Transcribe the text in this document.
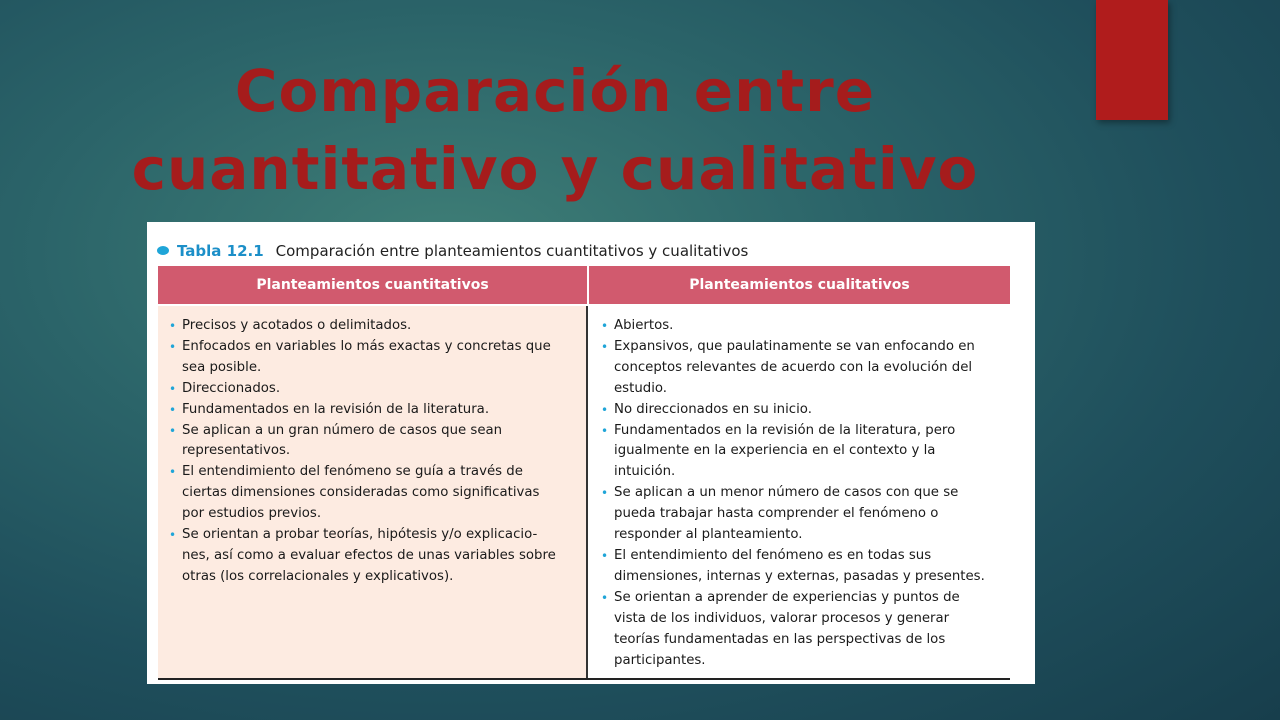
Comparación entre
cuantitativo y cualitativo
Tabla 12.1 Comparación entre planteamientos cuantitativos y cualitativos
Planteamientos cuantitativos	Planteamientos cualitativos
• Precisos y acotados o delimitados.
• Enfocados en variables lo más exactas y concretas que
sea posible.
• Direccionados.
• Fundamentados en la revisión de la literatura.
• Se aplican a un gran número de casos que sean
representativos.
• El entendimiento del fenómeno se guía a través de
ciertas dimensiones consideradas como significativas
por estudios previos.
• Se orientan a probar teorías, hipótesis y/o explicacio-
nes, así como a evaluar efectos de unas variables sobre
otras (los correlacionales y explicativos).
• Abiertos.
• Expansivos, que paulatinamente se van enfocando en
conceptos relevantes de acuerdo con la evolución del
estudio.
• No direccionados en su inicio.
• Fundamentados en la revisión de la literatura, pero
igualmente en la experiencia en el contexto y la
intuición.
• Se aplican a un menor número de casos con que se
pueda trabajar hasta comprender el fenómeno o
responder al planteamiento.
• El entendimiento del fenómeno es en todas sus
dimensiones, internas y externas, pasadas y presentes.
• Se orientan a aprender de experiencias y puntos de
vista de los individuos, valorar procesos y generar
teorías fundamentadas en las perspectivas de los
participantes.
